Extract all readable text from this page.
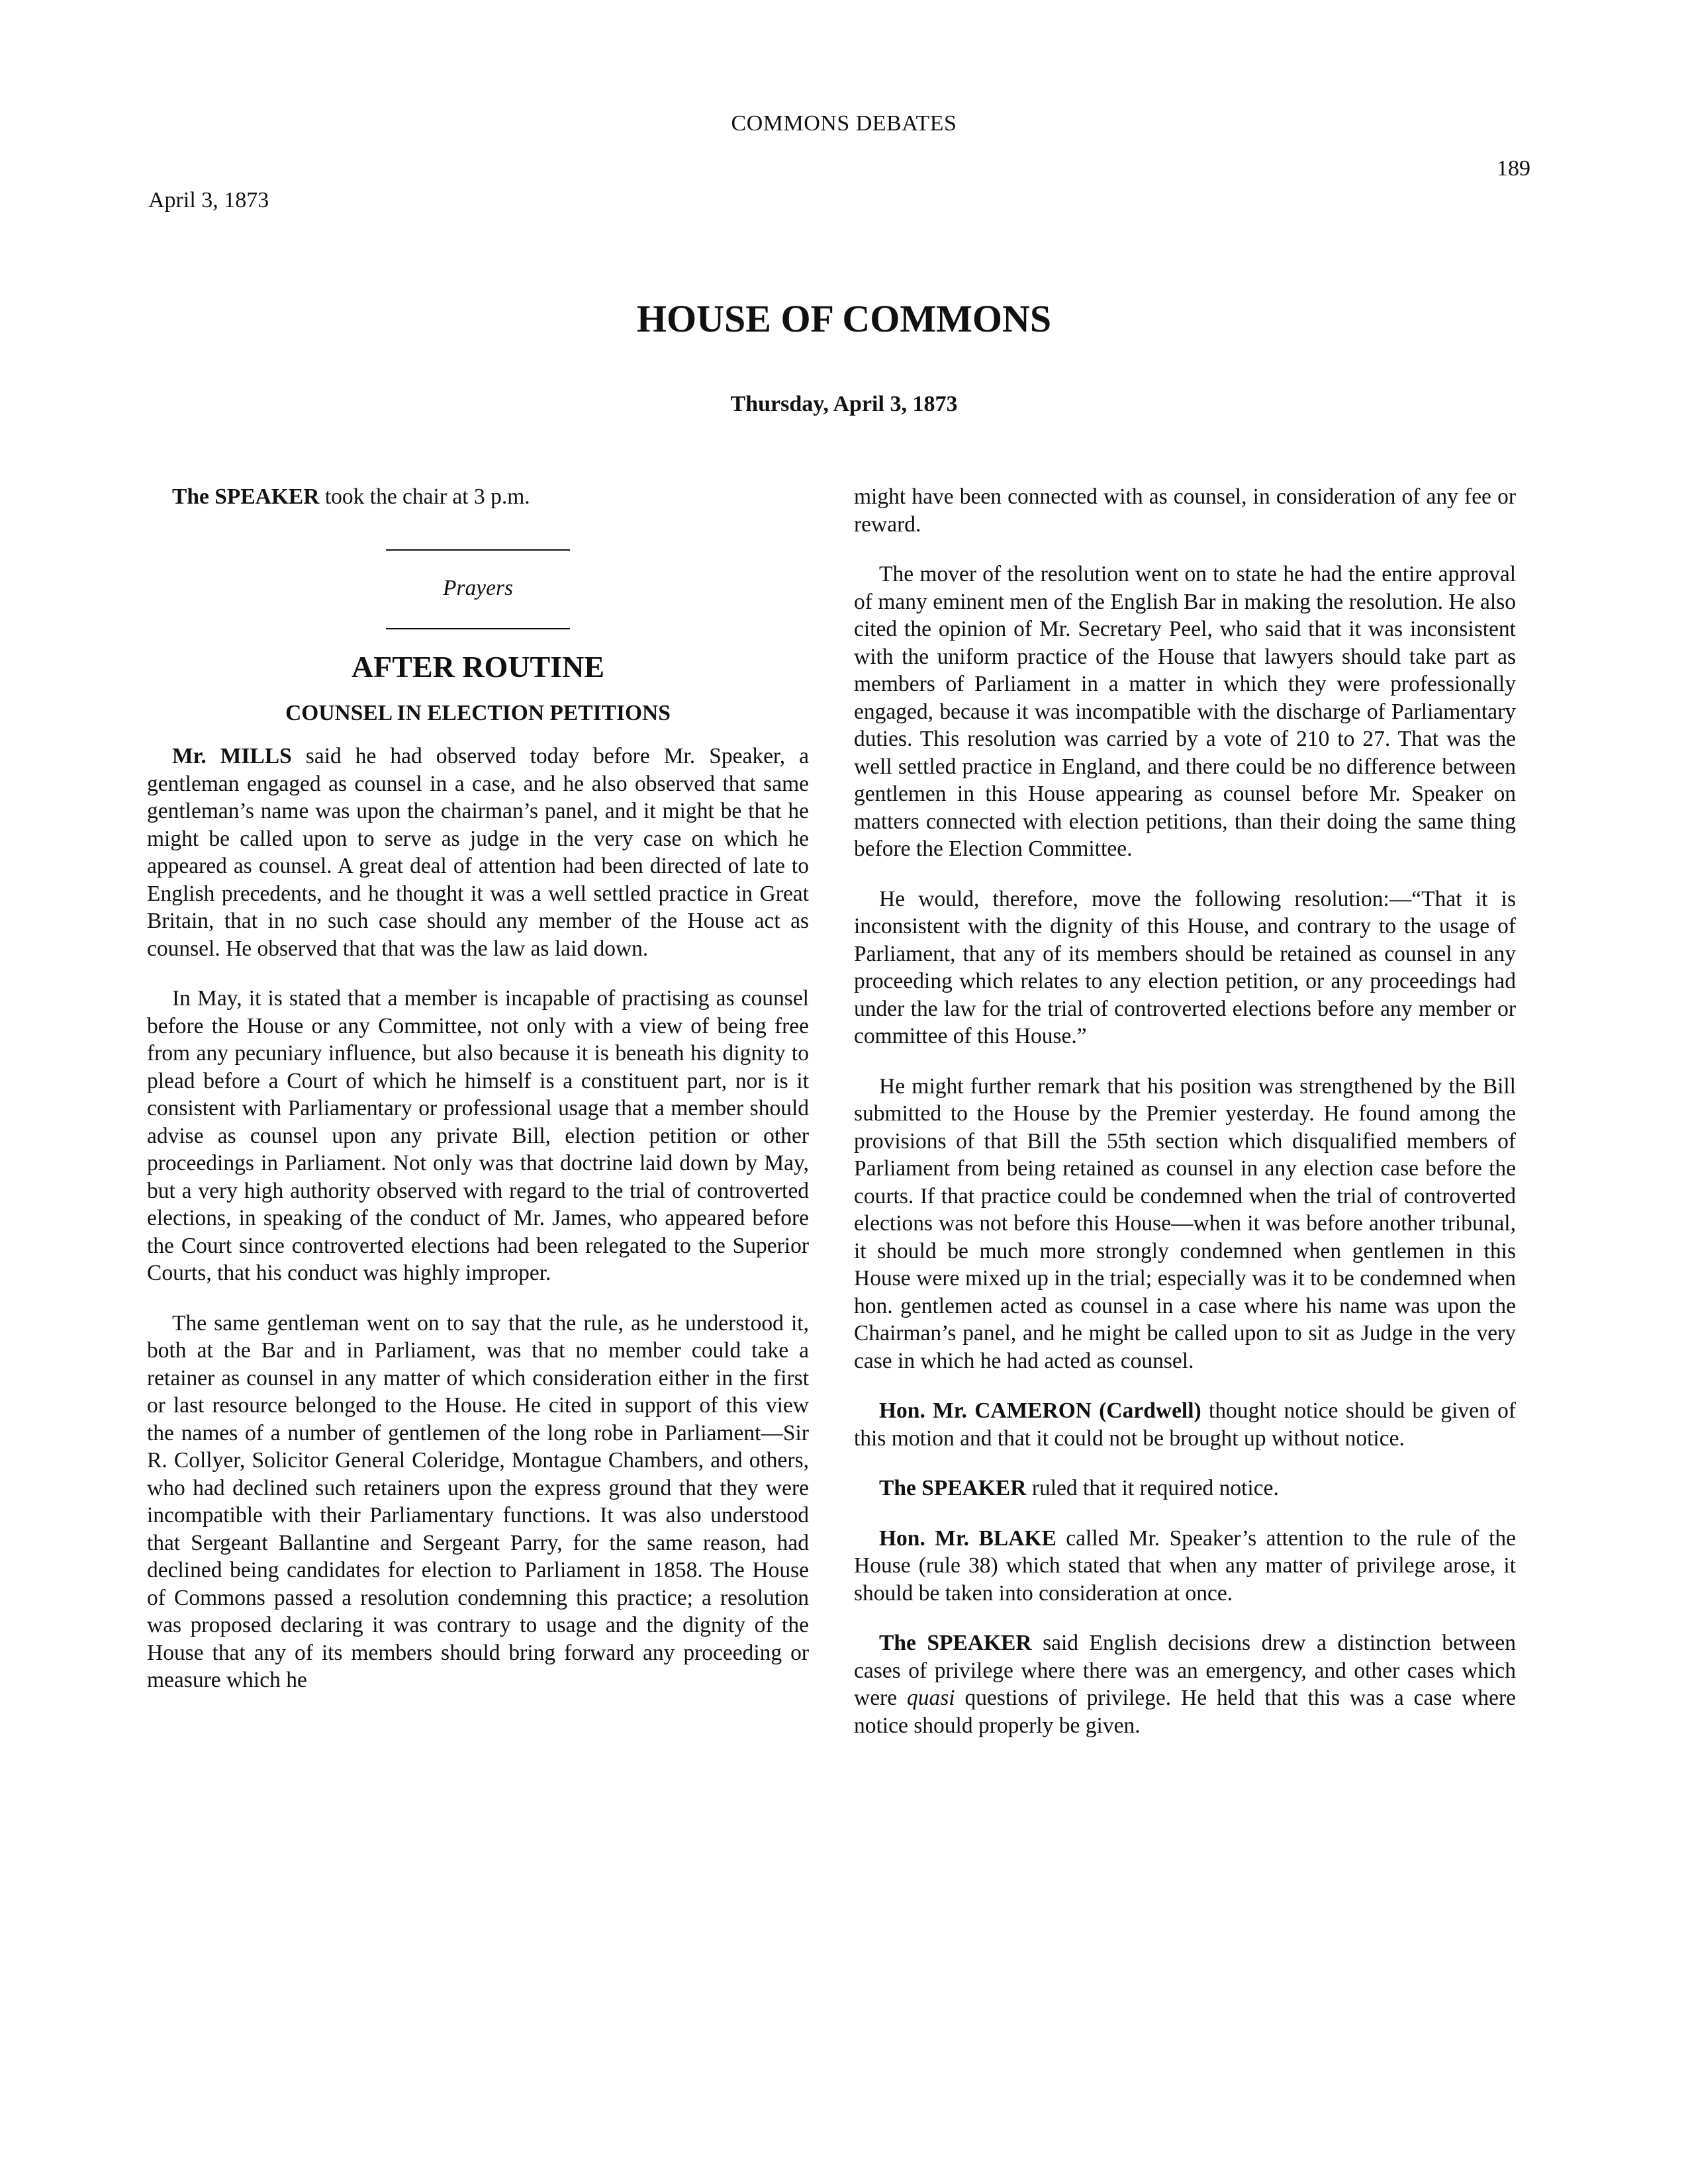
COMMONS DEBATES
189
April 3, 1873
HOUSE OF COMMONS
Thursday, April 3, 1873

The SPEAKER took the chair at 3 p.m.

Prayers
AFTER ROUTINE
COUNSEL IN ELECTION PETITIONS

Mr. MILLS said he had observed today before Mr. Speaker, a gentleman engaged as counsel in a case, and he also observed that same gentleman’s name was upon the chairman’s panel, and it might be that he might be called upon to serve as judge in the very case on which he appeared as counsel. A great deal of attention had been directed of late to English precedents, and he thought it was a well settled practice in Great Britain, that in no such case should any member of the House act as counsel. He observed that that was the law as laid down.

In May, it is stated that a member is incapable of practising as counsel before the House or any Committee, not only with a view of being free from any pecuniary influence, but also because it is beneath his dignity to plead before a Court of which he himself is a constituent part, nor is it consistent with Parliamentary or professional usage that a member should advise as counsel upon any private Bill, election petition or other proceedings in Parliament. Not only was that doctrine laid down by May, but a very high authority observed with regard to the trial of controverted elections, in speaking of the conduct of Mr. James, who appeared before the Court since controverted elections had been relegated to the Superior Courts, that his conduct was highly improper.

The same gentleman went on to say that the rule, as he understood it, both at the Bar and in Parliament, was that no member could take a retainer as counsel in any matter of which consideration either in the first or last resource belonged to the House. He cited in support of this view the names of a number of gentlemen of the long robe in Parliament—Sir R. Collyer, Solicitor General Coleridge, Montague Chambers, and others, who had declined such retainers upon the express ground that they were incompatible with their Parliamentary functions. It was also understood that Sergeant Ballantine and Sergeant Parry, for the same reason, had declined being candidates for election to Parliament in 1858. The House of Commons passed a resolution condemning this practice; a resolution was proposed declaring it was contrary to usage and the dignity of the House that any of its members should bring forward any proceeding or measure which he

might have been connected with as counsel, in consideration of any fee or reward.

The mover of the resolution went on to state he had the entire approval of many eminent men of the English Bar in making the resolution. He also cited the opinion of Mr. Secretary Peel, who said that it was inconsistent with the uniform practice of the House that lawyers should take part as members of Parliament in a matter in which they were professionally engaged, because it was incompatible with the discharge of Parliamentary duties. This resolution was carried by a vote of 210 to 27. That was the well settled practice in England, and there could be no difference between gentlemen in this House appearing as counsel before Mr. Speaker on matters connected with election petitions, than their doing the same thing before the Election Committee.

He would, therefore, move the following resolution:—“That it is inconsistent with the dignity of this House, and contrary to the usage of Parliament, that any of its members should be retained as counsel in any proceeding which relates to any election petition, or any proceedings had under the law for the trial of controverted elections before any member or committee of this House.”

He might further remark that his position was strengthened by the Bill submitted to the House by the Premier yesterday. He found among the provisions of that Bill the 55th section which disqualified members of Parliament from being retained as counsel in any election case before the courts. If that practice could be condemned when the trial of controverted elections was not before this House—when it was before another tribunal, it should be much more strongly condemned when gentlemen in this House were mixed up in the trial; especially was it to be condemned when hon. gentlemen acted as counsel in a case where his name was upon the Chairman’s panel, and he might be called upon to sit as Judge in the very case in which he had acted as counsel.

Hon. Mr. CAMERON (Cardwell) thought notice should be given of this motion and that it could not be brought up without notice.

The SPEAKER ruled that it required notice.

Hon. Mr. BLAKE called Mr. Speaker’s attention to the rule of the House (rule 38) which stated that when any matter of privilege arose, it should be taken into consideration at once.

The SPEAKER said English decisions drew a distinction between cases of privilege where there was an emergency, and other cases which were quasi questions of privilege. He held that this was a case where notice should properly be given.
